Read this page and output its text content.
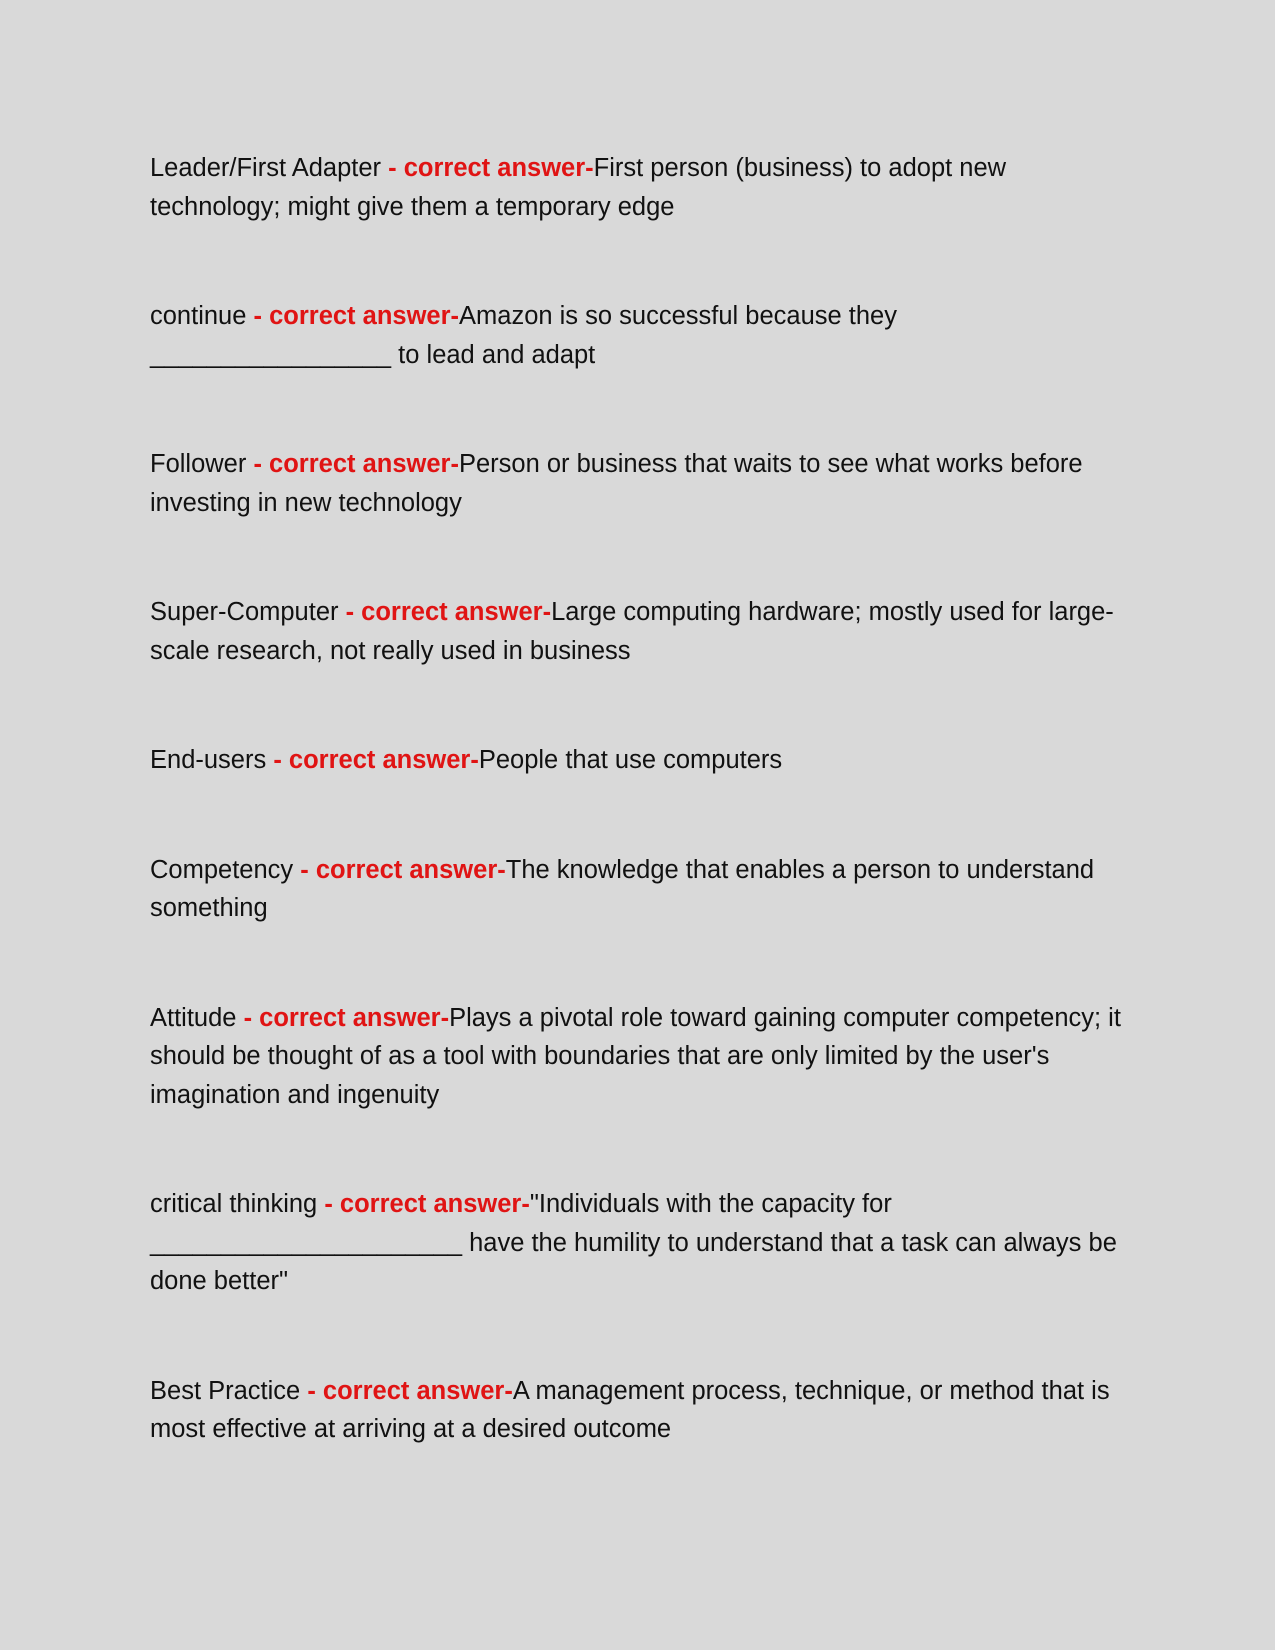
Leader/First Adapter - correct answer-First person (business) to adopt new technology; might give them a temporary edge

continue - correct answer-Amazon is so successful because they _________________ to lead and adapt

Follower - correct answer-Person or business that waits to see what works before investing in new technology

Super-Computer - correct answer-Large computing hardware; mostly used for large-scale research, not really used in business

End-users - correct answer-People that use computers

Competency - correct answer-The knowledge that enables a person to understand something

Attitude - correct answer-Plays a pivotal role toward gaining computer competency; it should be thought of as a tool with boundaries that are only limited by the user's imagination and ingenuity

critical thinking - correct answer-"Individuals with the capacity for ______________________ have the humility to understand that a task can always be done better"

Best Practice - correct answer-A management process, technique, or method that is most effective at arriving at a desired outcome
